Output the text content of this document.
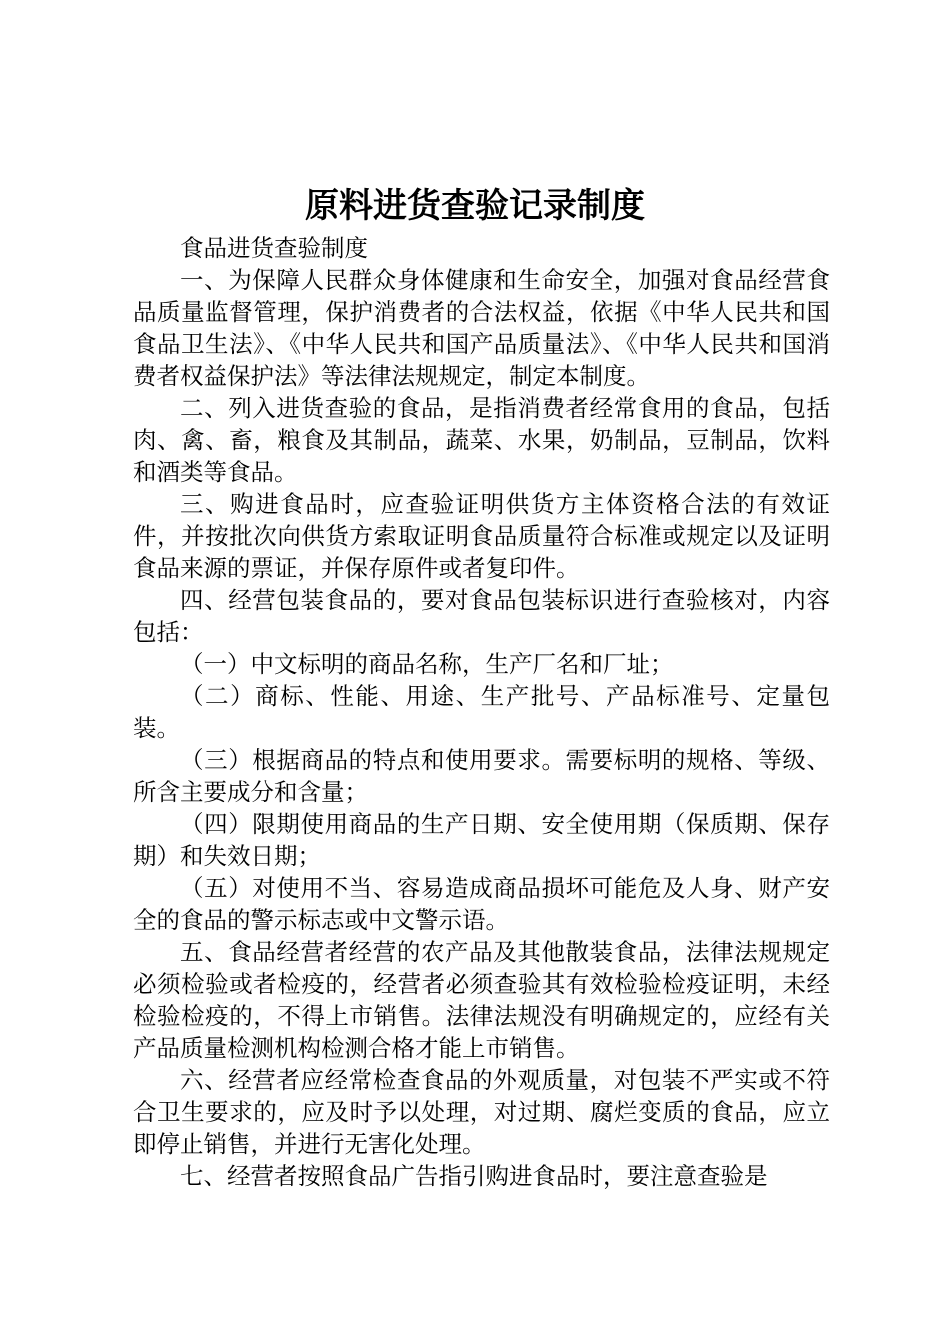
原料进货查验记录制度

食品进货查验制度

一、为保障人民群众身体健康和生命安全，加强对食品经营食品质量监督管理，保护消费者的合法权益，依据《中华人民共和国食品卫生法》、《中华人民共和国产品质量法》、《中华人民共和国消费者权益保护法》等法律法规规定，制定本制度。

二、列入进货查验的食品，是指消费者经常食用的食品，包括肉、禽、畜，粮食及其制品，蔬菜、水果，奶制品，豆制品，饮料和酒类等食品。

三、购进食品时，应查验证明供货方主体资格合法的有效证件，并按批次向供货方索取证明食品质量符合标准或规定以及证明食品来源的票证，并保存原件或者复印件。

四、经营包装食品的，要对食品包装标识进行查验核对，内容包括：

（一）中文标明的商品名称，生产厂名和厂址；

（二）商标、性能、用途、生产批号、产品标准号、定量包装。

（三）根据商品的特点和使用要求。需要标明的规格、等级、所含主要成分和含量；

（四）限期使用商品的生产日期、安全使用期（保质期、保存期）和失效日期；

（五）对使用不当、容易造成商品损坏可能危及人身、财产安全的食品的警示标志或中文警示语。

五、食品经营者经营的农产品及其他散装食品，法律法规规定必须检验或者检疫的，经营者必须查验其有效检验检疫证明，未经检验检疫的，不得上市销售。法律法规没有明确规定的，应经有关产品质量检测机构检测合格才能上市销售。

六、经营者应经常检查食品的外观质量，对包装不严实或不符合卫生要求的，应及时予以处理，对过期、腐烂变质的食品，应立即停止销售，并进行无害化处理。

七、经营者按照食品广告指引购进食品时，要注意查验是
